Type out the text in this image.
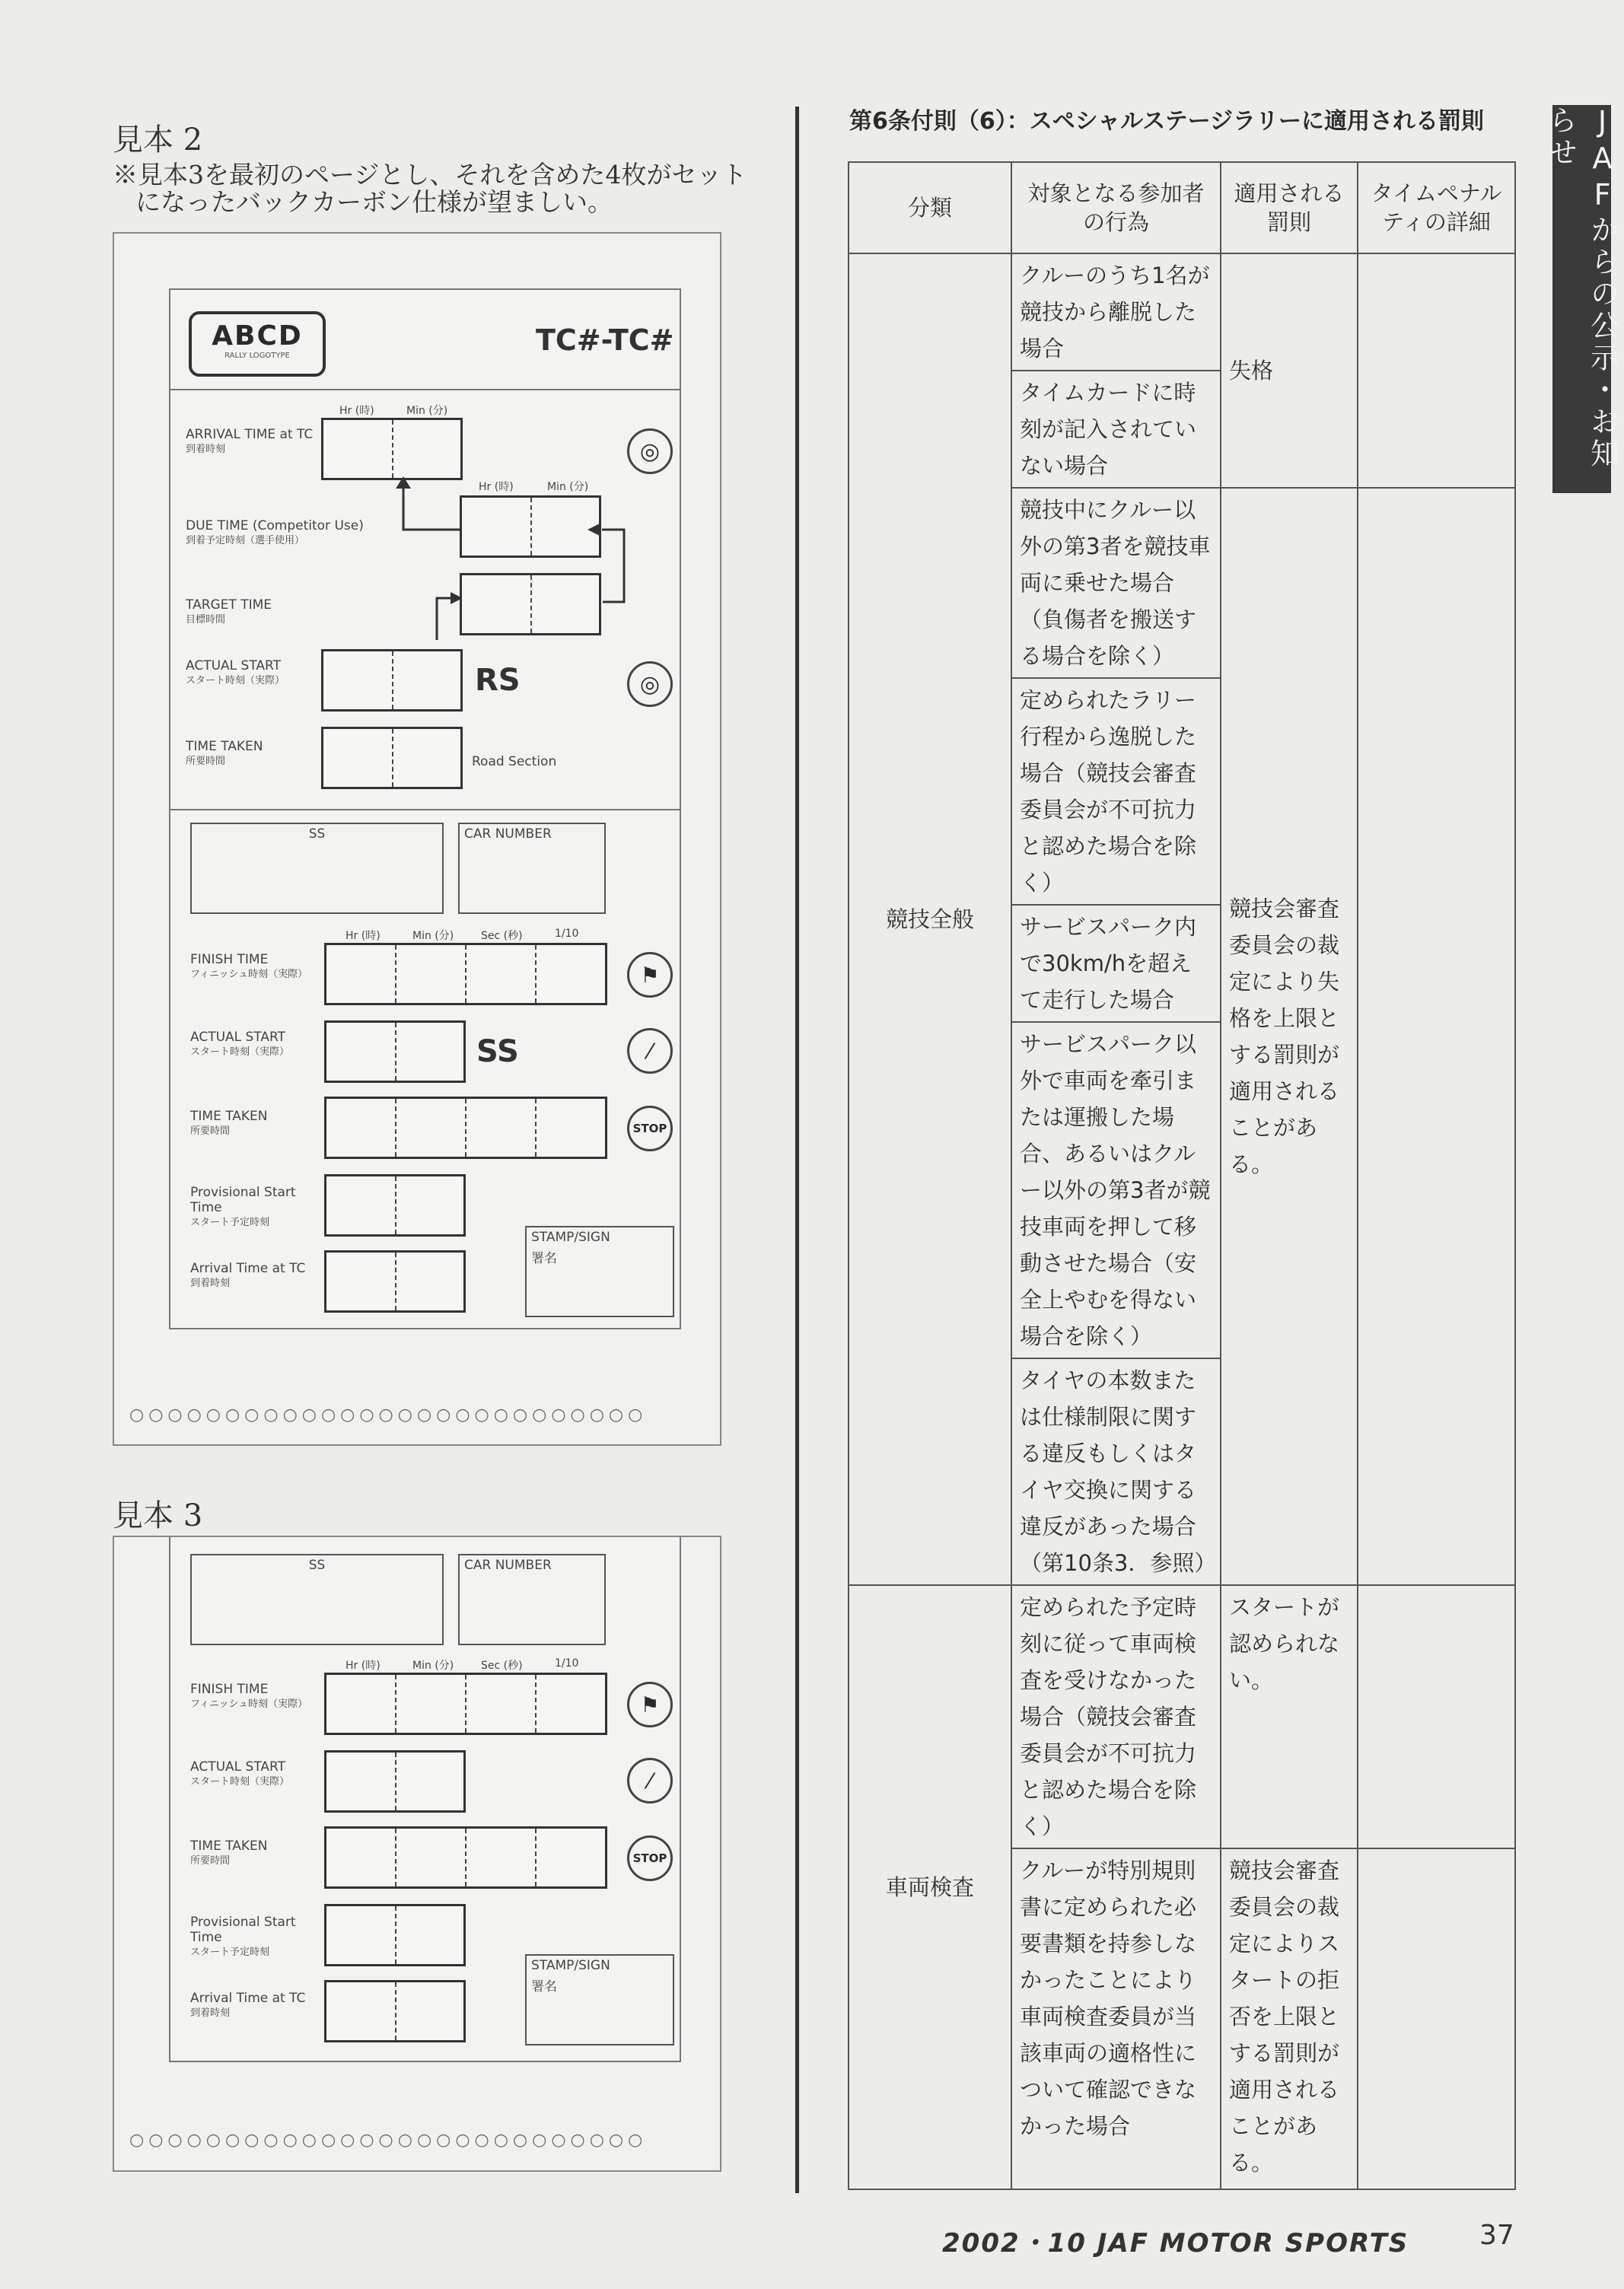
見本 2
※見本3を最初のページとし、それを含めた4枚がセット
になったバックカーボン仕様が望ましい。
ABCD
RALLY LOGOTYPE	TC#-TC#
Hr (時)	Min (分)
ARRIVAL TIME at TC
到着時刻	◎
Hr (時)	Min (分)
DUE TIME (Competitor Use)
到着予定時刻（選手使用）
TARGET TIME
目標時間
ACTUAL START
スタート時刻（実際）	RS	◎
TIME TAKEN
所要時間	Road Section
SS	CAR NUMBER
Hr (時)	Min (分)	Sec (秒)	1/10
FINISH TIME
フィニッシュ時刻（実際）	⚑
ACTUAL START
スタート時刻（実際）	SS	⁄
TIME TAKEN
所要時間	STOP
Provisional Start Time
スタート予定時刻
Arrival Time at TC
到着時刻
STAMP/SIGN
署名
○○○○○○○○○○○○○○○○○○○○○○○○○○○
見本 3
SS	CAR NUMBER
Hr (時)	Min (分)	Sec (秒)	1/10
FINISH TIME
フィニッシュ時刻（実際）	⚑
ACTUAL START
スタート時刻（実際）	⁄
TIME TAKEN
所要時間	STOP
Provisional Start Time
スタート予定時刻
Arrival Time at TC
到着時刻
STAMP/SIGN
署名
○○○○○○○○○○○○○○○○○○○○○○○○○○○
第6条付則（6）：スペシャルステージラリーに適用される罰則
分類	対象となる参加者の行為	適用される罰則	タイムペナルティの詳細
競技全般	クルーのうち1名が競技から離脱した場合	失格	
	タイムカードに時刻が記入されていない場合		
	競技中にクルー以外の第3者を競技車両に乗せた場合（負傷者を搬送する場合を除く）	競技会審査委員会の裁定により失格を上限とする罰則が適用されることがある。	
	定められたラリー行程から逸脱した場合（競技会審査委員会が不可抗力と認めた場合を除く）		
	サービスパーク内で30km/hを超えて走行した場合		
	サービスパーク以外で車両を牽引または運搬した場合、あるいはクルー以外の第3者が競技車両を押して移動させた場合（安全上やむを得ない場合を除く）		
	タイヤの本数または仕様制限に関する違反もしくはタイヤ交換に関する違反があった場合（第10条3．参照）		
車両検査	定められた予定時刻に従って車両検査を受けなかった場合（競技会審査委員会が不可抗力と認めた場合を除く）	スタートが認められない。	
	クルーが特別規則書に定められた必要書類を持参しなかったことにより車両検査委員が当該車両の適格性について確認できなかった場合	競技会審査委員会の裁定によりスタートの拒否を上限とする罰則が適用されることがある。	
JAFからの公示・お知らせ
2002・10 JAF MOTOR SPORTS	37
